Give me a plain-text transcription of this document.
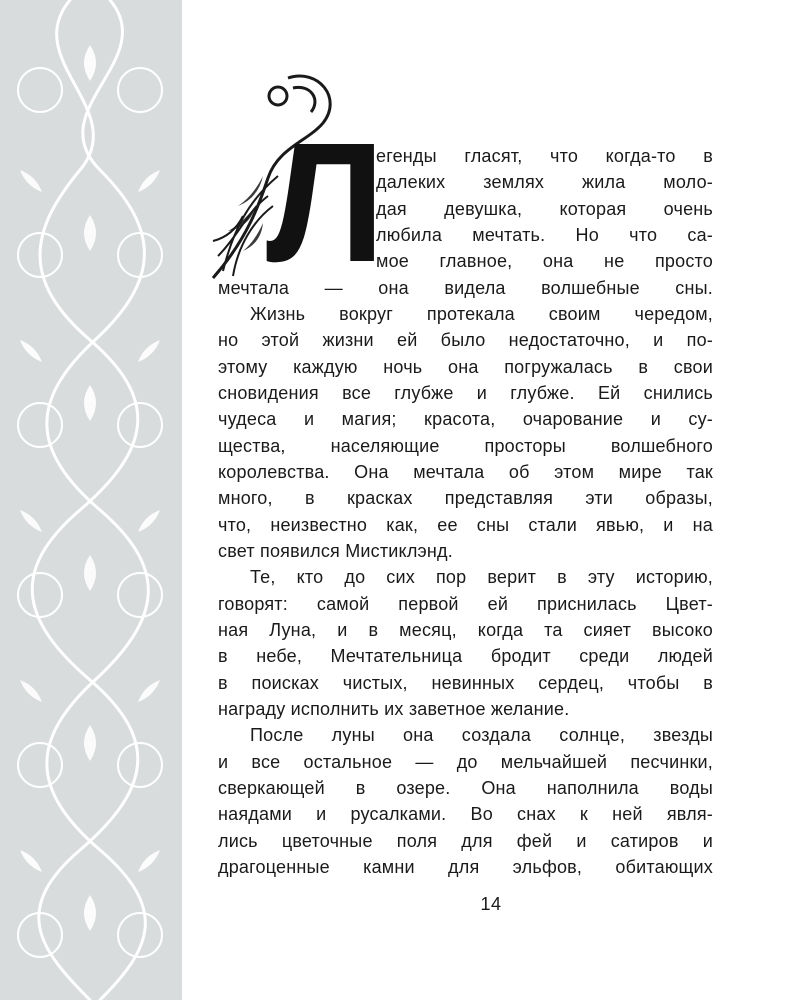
Л
егенды гласят, что когда-то в
далеких землях жила моло-
дая девушка, которая очень
любила мечтать. Но что са-
мое главное, она не просто
мечтала — она видела волшебные сны.
Жизнь вокруг протекала своим чередом,
но этой жизни ей было недостаточно, и по-
этому каждую ночь она погружалась в свои
сновидения все глубже и глубже. Ей снились
чудеса и магия; красота, очарование и су-
щества, населяющие просторы волшебного
королевства. Она мечтала об этом мире так
много, в красках представляя эти образы,
что, неизвестно как, ее сны стали явью, и на
свет появился Мистиклэнд.
Те, кто до сих пор верит в эту историю,
говорят: самой первой ей приснилась Цвет-
ная Луна, и в месяц, когда та сияет высоко
в небе, Мечтательница бродит среди людей
в поисках чистых, невинных сердец, чтобы в
награду исполнить их заветное желание.
После луны она создала солнце, звезды
и все остальное — до мельчайшей песчинки,
сверкающей в озере. Она наполнила воды
наядами и русалками. Во снах к ней явля-
лись цветочные поля для фей и сатиров и
драгоценные камни для эльфов, обитающих
14
